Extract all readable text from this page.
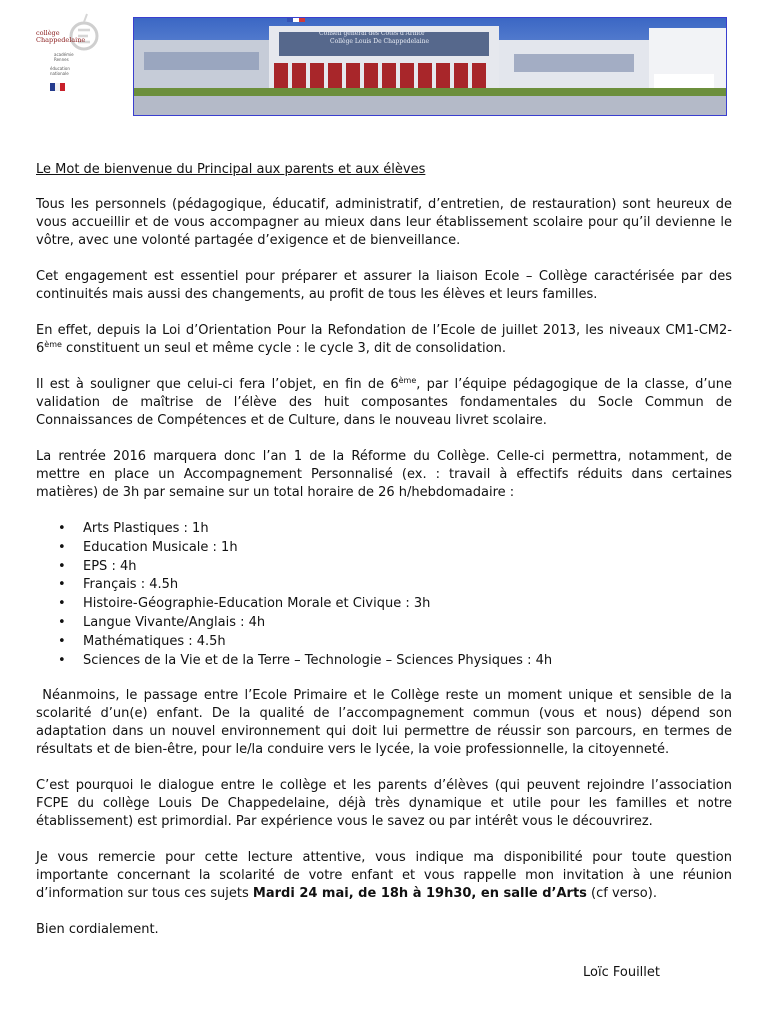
collège
Chappedelaine
académie
Rennes
éducation
nationale
Conseil général des Côtes d'Armor
Collège Louis De Chappedelaine
Le Mot de bienvenue du Principal aux parents et aux élèves

Tous les personnels (pédagogique, éducatif, administratif, d’entretien, de restauration) sont heureux de vous accueillir et de vous accompagner au mieux dans leur établissement scolaire pour qu’il devienne le vôtre, avec une volonté partagée d’exigence et de bienveillance.

Cet engagement est essentiel pour préparer et assurer la liaison Ecole – Collège caractérisée par des continuités mais aussi des changements, au profit de tous les élèves et leurs familles.

En effet, depuis la Loi d’Orientation Pour la Refondation de l’Ecole de juillet 2013, les niveaux CM1-CM2-6ème constituent un seul et même cycle : le cycle 3, dit de consolidation.

Il est à souligner que celui-ci fera l’objet, en fin de 6ème, par l’équipe pédagogique de la classe, d’une validation de maîtrise de l’élève des huit composantes fondamentales du Socle Commun de Connaissances de Compétences et de Culture, dans le nouveau livret scolaire.

La rentrée 2016 marquera donc l’an 1 de la Réforme du Collège. Celle-ci permettra, notamment, de mettre en place un Accompagnement Personnalisé (ex. : travail à effectifs réduits dans certaines matières) de 3h par semaine sur un total horaire de 26 h/hebdomadaire :

• Arts Plastiques : 1h
• Education Musicale : 1h
• EPS : 4h
• Français : 4.5h
• Histoire-Géographie-Education Morale et Civique : 3h
• Langue Vivante/Anglais : 4h
• Mathématiques : 4.5h
• Sciences de la Vie et de la Terre – Technologie – Sciences Physiques : 4h

Néanmoins, le passage entre l’Ecole Primaire et le Collège reste un moment unique et sensible de la scolarité d’un(e) enfant. De la qualité de l’accompagnement commun (vous et nous) dépend son adaptation dans un nouvel environnement qui doit lui permettre de réussir son parcours, en termes de résultats et de bien-être, pour le/la conduire vers le lycée, la voie professionnelle, la citoyenneté.

C’est pourquoi le dialogue entre le collège et les parents d’élèves (qui peuvent rejoindre l’association FCPE du collège Louis De Chappedelaine, déjà très dynamique et utile pour les familles et notre établissement) est primordial. Par expérience vous le savez ou par intérêt vous le découvrirez.

Je vous remercie pour cette lecture attentive, vous indique ma disponibilité pour toute question importante concernant la scolarité de votre enfant et vous rappelle mon invitation à une réunion d’information sur tous ces sujets Mardi 24 mai, de 18h à 19h30, en salle d’Arts (cf verso).

Bien cordialement.

Loïc Fouillet
